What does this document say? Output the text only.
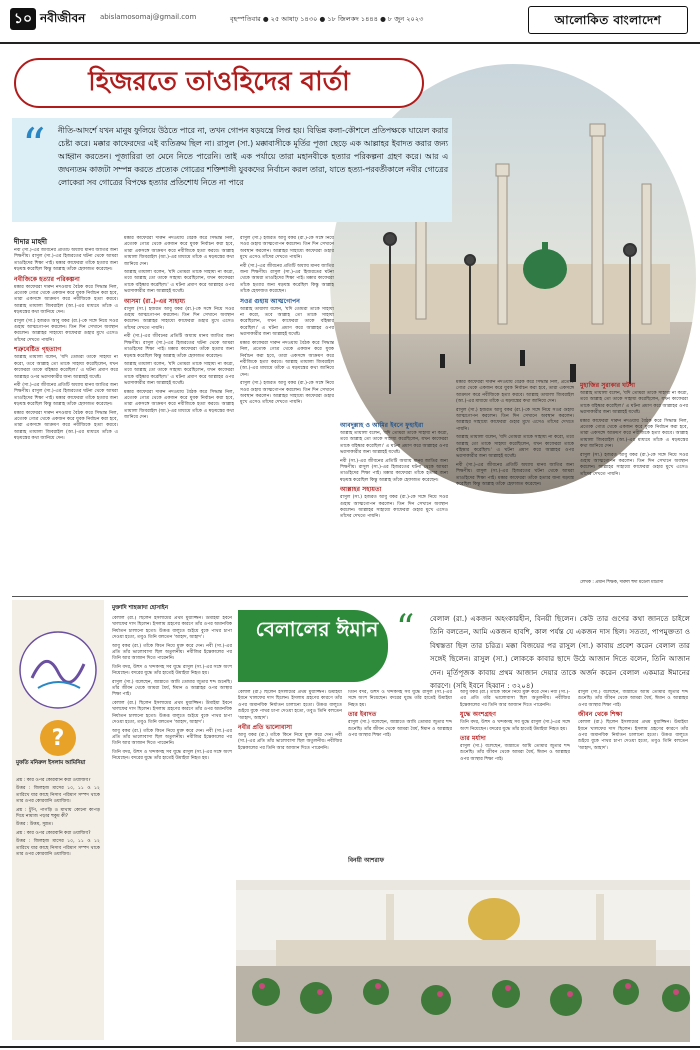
১০ নবীজীবন abislamosomaj@gmail.com	বৃহস্পতিবার ● ২৫ আষাঢ় ১৪৩০ ● ১৮ জিলকদ ১৪৪৪ ● ৮ জুন ২০২৩	আলোকিত বাংলাদেশ
হিজরতে তাওহিদের বার্তা
“ নীতি-আদর্শে যখন মানুষ ফুলিয়ে উঠতে পারে না, তখন গোপন ষড়যন্ত্রে লিপ্ত হয়। বিভিন্ন কলা-কৌশলে প্রতিপক্ষকে ঘায়েল করার চেষ্টা করে। মক্কার কাফেরদের এই ব্যতিক্রম ছিল না। রাসুল (সা.) মক্কাবাসীকে মূর্তির পূজা ছেড়ে এক আল্লাহর ইবাদত করার জন্য আহ্বান করতেন। পূজারিরা তা মেনে নিতে পারেনি। তাই এক পর্যায়ে তারা মহানবীকে হত্যার পরিকল্পনা গ্রহণ করে। আর এ জঘন্যতম কাজটা সম্পন্ন করতে প্রত্যেক গোত্রের শক্তিশালী যুবকদের নির্বাচন করল তারা, যাতে হত্যা-পরবর্তীকালে নবীর গোত্রের লোকেরা সব গোত্রের বিপক্ষে হত্যার প্রতিশোধ নিতে না পারে
দীদার মাহদী

নবী (সা.)-এর জীবনের প্রতিটি অধ্যায় মানব জাতির জন্য শিক্ষণীয়। রাসুল (সা.)-এর হিজরতের ঘটনা থেকে আমরা তাওহিদের শিক্ষা পাই। মক্কার কাফেররা তাঁকে হত্যার জন্য ষড়যন্ত্র করেছিল কিন্তু আল্লাহ তাঁকে হেফাজত করেছেন।

নবীজিকে হত্যার পরিকল্পনা

মক্কার কাফেররা দারুন নদওয়ায় বৈঠক করে সিদ্ধান্ত নিল, প্রত্যেক গোত্র থেকে একজন করে যুবক নির্বাচন করা হবে, তারা একসঙ্গে আক্রমণ করে নবীজিকে হত্যা করবে। আল্লাহ তায়ালা জিবরাইল (আ.)-এর মাধ্যমে তাঁকে এ ষড়যন্ত্রের কথা জানিয়ে দেন।

রাসুল (সা.) হজরত আবু বকর (রা.)-কে সঙ্গে নিয়ে সওর গুহায় আত্মগোপন করলেন। তিন দিন সেখানে অবস্থান করলেন। আল্লাহর সাহায্যে কাফেররা গুহার মুখে এসেও তাঁদের দেখতে পায়নি।

শত্রুবেষ্টিত গৃহত্যাগ

আল্লাহ তায়ালা বলেন, 'যদি তোমরা তাকে সাহায্য না করো, তবে আল্লাহ তো তাকে সাহায্য করেছিলেন, যখন কাফেররা তাকে বহিষ্কার করেছিল।' এ ঘটনা প্রমাণ করে আল্লাহর ওপর ভরসাকারীর জন্য আল্লাহই যথেষ্ট।

নবী (সা.)-এর জীবনের প্রতিটি অধ্যায় মানব জাতির জন্য শিক্ষণীয়। রাসুল (সা.)-এর হিজরতের ঘটনা থেকে আমরা তাওহিদের শিক্ষা পাই। মক্কার কাফেররা তাঁকে হত্যার জন্য ষড়যন্ত্র করেছিল কিন্তু আল্লাহ তাঁকে হেফাজত করেছেন।

মক্কার কাফেররা দারুন নদওয়ায় বৈঠক করে সিদ্ধান্ত নিল, প্রত্যেক গোত্র থেকে একজন করে যুবক নির্বাচন করা হবে, তারা একসঙ্গে আক্রমণ করে নবীজিকে হত্যা করবে। আল্লাহ তায়ালা জিবরাইল (আ.)-এর মাধ্যমে তাঁকে এ ষড়যন্ত্রের কথা জানিয়ে দেন।

মক্কার কাফেররা দারুন নদওয়ায় বৈঠক করে সিদ্ধান্ত নিল, প্রত্যেক গোত্র থেকে একজন করে যুবক নির্বাচন করা হবে, তারা একসঙ্গে আক্রমণ করে নবীজিকে হত্যা করবে। আল্লাহ তায়ালা জিবরাইল (আ.)-এর মাধ্যমে তাঁকে এ ষড়যন্ত্রের কথা জানিয়ে দেন।

আল্লাহ তায়ালা বলেন, 'যদি তোমরা তাকে সাহায্য না করো, তবে আল্লাহ তো তাকে সাহায্য করেছিলেন, যখন কাফেররা তাকে বহিষ্কার করেছিল।' এ ঘটনা প্রমাণ করে আল্লাহর ওপর ভরসাকারীর জন্য আল্লাহই যথেষ্ট।

আসমা (রা.)-এর সাহায্য

রাসুল (সা.) হজরত আবু বকর (রা.)-কে সঙ্গে নিয়ে সওর গুহায় আত্মগোপন করলেন। তিন দিন সেখানে অবস্থান করলেন। আল্লাহর সাহায্যে কাফেররা গুহার মুখে এসেও তাঁদের দেখতে পায়নি।

নবী (সা.)-এর জীবনের প্রতিটি অধ্যায় মানব জাতির জন্য শিক্ষণীয়। রাসুল (সা.)-এর হিজরতের ঘটনা থেকে আমরা তাওহিদের শিক্ষা পাই। মক্কার কাফেররা তাঁকে হত্যার জন্য ষড়যন্ত্র করেছিল কিন্তু আল্লাহ তাঁকে হেফাজত করেছেন।

আল্লাহ তায়ালা বলেন, 'যদি তোমরা তাকে সাহায্য না করো, তবে আল্লাহ তো তাকে সাহায্য করেছিলেন, যখন কাফেররা তাকে বহিষ্কার করেছিল।' এ ঘটনা প্রমাণ করে আল্লাহর ওপর ভরসাকারীর জন্য আল্লাহই যথেষ্ট।

মক্কার কাফেররা দারুন নদওয়ায় বৈঠক করে সিদ্ধান্ত নিল, প্রত্যেক গোত্র থেকে একজন করে যুবক নির্বাচন করা হবে, তারা একসঙ্গে আক্রমণ করে নবীজিকে হত্যা করবে। আল্লাহ তায়ালা জিবরাইল (আ.)-এর মাধ্যমে তাঁকে এ ষড়যন্ত্রের কথা জানিয়ে দেন।

রাসুল (সা.) হজরত আবু বকর (রা.)-কে সঙ্গে নিয়ে সওর গুহায় আত্মগোপন করলেন। তিন দিন সেখানে অবস্থান করলেন। আল্লাহর সাহায্যে কাফেররা গুহার মুখে এসেও তাঁদের দেখতে পায়নি।

নবী (সা.)-এর জীবনের প্রতিটি অধ্যায় মানব জাতির জন্য শিক্ষণীয়। রাসুল (সা.)-এর হিজরতের ঘটনা থেকে আমরা তাওহিদের শিক্ষা পাই। মক্কার কাফেররা তাঁকে হত্যার জন্য ষড়যন্ত্র করেছিল কিন্তু আল্লাহ তাঁকে হেফাজত করেছেন।

সওর গুহায় আত্মগোপন

আল্লাহ তায়ালা বলেন, 'যদি তোমরা তাকে সাহায্য না করো, তবে আল্লাহ তো তাকে সাহায্য করেছিলেন, যখন কাফেররা তাকে বহিষ্কার করেছিল।' এ ঘটনা প্রমাণ করে আল্লাহর ওপর ভরসাকারীর জন্য আল্লাহই যথেষ্ট।

মক্কার কাফেররা দারুন নদওয়ায় বৈঠক করে সিদ্ধান্ত নিল, প্রত্যেক গোত্র থেকে একজন করে যুবক নির্বাচন করা হবে, তারা একসঙ্গে আক্রমণ করে নবীজিকে হত্যা করবে। আল্লাহ তায়ালা জিবরাইল (আ.)-এর মাধ্যমে তাঁকে এ ষড়যন্ত্রের কথা জানিয়ে দেন।

রাসুল (সা.) হজরত আবু বকর (রা.)-কে সঙ্গে নিয়ে সওর গুহায় আত্মগোপন করলেন। তিন দিন সেখানে অবস্থান করলেন। আল্লাহর সাহায্যে কাফেররা গুহার মুখে এসেও তাঁদের দেখতে পায়নি।

আবদুল্লাহ ও আমির ইবনে ফুহাইরা

আল্লাহ তায়ালা বলেন, 'যদি তোমরা তাকে সাহায্য না করো, তবে আল্লাহ তো তাকে সাহায্য করেছিলেন, যখন কাফেররা তাকে বহিষ্কার করেছিল।' এ ঘটনা প্রমাণ করে আল্লাহর ওপর ভরসাকারীর জন্য আল্লাহই যথেষ্ট।

নবী (সা.)-এর জীবনের প্রতিটি অধ্যায় মানব জাতির জন্য শিক্ষণীয়। রাসুল (সা.)-এর হিজরতের ঘটনা থেকে আমরা তাওহিদের শিক্ষা পাই। মক্কার কাফেররা তাঁকে হত্যার জন্য ষড়যন্ত্র করেছিল কিন্তু আল্লাহ তাঁকে হেফাজত করেছেন।

আল্লাহর সহায়তা

রাসুল (সা.) হজরত আবু বকর (রা.)-কে সঙ্গে নিয়ে সওর গুহায় আত্মগোপন করলেন। তিন দিন সেখানে অবস্থান করলেন। আল্লাহর সাহায্যে কাফেররা গুহার মুখে এসেও তাঁদের দেখতে পায়নি।

মক্কার কাফেররা দারুন নদওয়ায় বৈঠক করে সিদ্ধান্ত নিল, প্রত্যেক গোত্র থেকে একজন করে যুবক নির্বাচন করা হবে, তারা একসঙ্গে আক্রমণ করে নবীজিকে হত্যা করবে। আল্লাহ তায়ালা জিবরাইল (আ.)-এর মাধ্যমে তাঁকে এ ষড়যন্ত্রের কথা জানিয়ে দেন।

রাসুল (সা.) হজরত আবু বকর (রা.)-কে সঙ্গে নিয়ে সওর গুহায় আত্মগোপন করলেন। তিন দিন সেখানে অবস্থান করলেন। আল্লাহর সাহায্যে কাফেররা গুহার মুখে এসেও তাঁদের দেখতে পায়নি।

আল্লাহ তায়ালা বলেন, 'যদি তোমরা তাকে সাহায্য না করো, তবে আল্লাহ তো তাকে সাহায্য করেছিলেন, যখন কাফেররা তাকে বহিষ্কার করেছিল।' এ ঘটনা প্রমাণ করে আল্লাহর ওপর ভরসাকারীর জন্য আল্লাহই যথেষ্ট।

নবী (সা.)-এর জীবনের প্রতিটি অধ্যায় মানব জাতির জন্য শিক্ষণীয়। রাসুল (সা.)-এর হিজরতের ঘটনা থেকে আমরা তাওহিদের শিক্ষা পাই। মক্কার কাফেররা তাঁকে হত্যার জন্য ষড়যন্ত্র করেছিল কিন্তু আল্লাহ তাঁকে হেফাজত করেছেন।

মুহাজির সুরাকার ঘটনা

আল্লাহ তায়ালা বলেন, 'যদি তোমরা তাকে সাহায্য না করো, তবে আল্লাহ তো তাকে সাহায্য করেছিলেন, যখন কাফেররা তাকে বহিষ্কার করেছিল।' এ ঘটনা প্রমাণ করে আল্লাহর ওপর ভরসাকারীর জন্য আল্লাহই যথেষ্ট।

মক্কার কাফেররা দারুন নদওয়ায় বৈঠক করে সিদ্ধান্ত নিল, প্রত্যেক গোত্র থেকে একজন করে যুবক নির্বাচন করা হবে, তারা একসঙ্গে আক্রমণ করে নবীজিকে হত্যা করবে। আল্লাহ তায়ালা জিবরাইল (আ.)-এর মাধ্যমে তাঁকে এ ষড়যন্ত্রের কথা জানিয়ে দেন।

রাসুল (সা.) হজরত আবু বকর (রা.)-কে সঙ্গে নিয়ে সওর গুহায় আত্মগোপন করলেন। তিন দিন সেখানে অবস্থান করলেন। আল্লাহর সাহায্যে কাফেররা গুহার মুখে এসেও তাঁদের দেখতে পায়নি।

লেখক : প্রধান শিক্ষক, দারুল হুদা মডেল মাদ্রাসা
?
মুফতি মনিরুল ইসলাম আমিনিয়া

প্রশ্ন : কার ওপর কোরবানি করা ওয়াজিব?

উত্তর : জিলহজ মাসের ১০, ১১ ও ১২ তারিখে যার কাছে নিসাব পরিমাণ সম্পদ থাকে তার ওপর কোরবানি ওয়াজিব।

প্রশ্ন : টুপি, পাগড়ি ও মাথায় কোনো কাপড় দিয়ে নামাজ পড়ার হুকুম কী?

উত্তর : উত্তম, সুন্নত।

প্রশ্ন : কার ওপর কোরবানি করা ওয়াজিব?

উত্তর : জিলহজ মাসের ১০, ১১ ও ১২ তারিখে যার কাছে নিসাব পরিমাণ সম্পদ থাকে তার ওপর কোরবানি ওয়াজিব।

মুক্তাদি শাহজাদা হোসাইন

বেলাল (রা.) ছিলেন ইসলামের প্রথম মুয়াজ্জিন। উমাইয়া ইবনে খালফের দাস ছিলেন। ইসলাম গ্রহণের কারণে তাঁর ওপর অমানবিক নির্যাতন চালানো হতো। উত্তপ্ত বালুতে শুইয়ে বুকে পাথর চাপা দেওয়া হতো, তবুও তিনি বলতেন 'আহাদ, আহাদ'।

আবু বকর (রা.) তাঁকে কিনে নিয়ে মুক্ত করে দেন। নবী (সা.)-এর প্রতি তাঁর ভালোবাসা ছিল অতুলনীয়। নবীজির ইন্তেকালের পর তিনি আর আজান দিতে পারেননি।

তিনি বদর, উহুদ ও খন্দকসহ সব যুদ্ধে রাসুল (সা.)-এর সঙ্গে অংশ নিয়েছেন। বদরের যুদ্ধে তাঁর হাতেই উমাইয়া নিহত হয়।

রাসুল (সা.) বলেছেন, জান্নাতে আমি তোমার জুতার শব্দ শুনেছি। তাঁর জীবন থেকে আমরা ধৈর্য, ঈমান ও আল্লাহর ওপর আস্থার শিক্ষা পাই।

বেলাল (রা.) ছিলেন ইসলামের প্রথম মুয়াজ্জিন। উমাইয়া ইবনে খালফের দাস ছিলেন। ইসলাম গ্রহণের কারণে তাঁর ওপর অমানবিক নির্যাতন চালানো হতো। উত্তপ্ত বালুতে শুইয়ে বুকে পাথর চাপা দেওয়া হতো, তবুও তিনি বলতেন 'আহাদ, আহাদ'।

আবু বকর (রা.) তাঁকে কিনে নিয়ে মুক্ত করে দেন। নবী (সা.)-এর প্রতি তাঁর ভালোবাসা ছিল অতুলনীয়। নবীজির ইন্তেকালের পর তিনি আর আজান দিতে পারেননি।

তিনি বদর, উহুদ ও খন্দকসহ সব যুদ্ধে রাসুল (সা.)-এর সঙ্গে অংশ নিয়েছেন। বদরের যুদ্ধে তাঁর হাতেই উমাইয়া নিহত হয়।

বেলালের ঈমান “ বেলাল (রা.) একজন অহংকারহীন, বিনয়ী ছিলেন। কেউ তার গুণের কথা জানতে চাইলে তিনি বলতেন, আমি একজন হাবশি, কাল পর্যন্ত যে একজন দাস ছিল। সততা, পাপমুক্ততা ও বিশ্বস্ততা ছিল তার চরিত্র। মক্কা বিজয়ের পর রাসুল (সা.) কাবায় প্রবেশ করেন বেলাল তার সঙ্গেই ছিলেন। রাসুল (সা.) লোককে কাবার ছাদে উঠে আজান দিতে বলেন, তিনি আজান দেন। মূর্তিপূজক কাবায় প্রথম আজান দেয়ার তাকে অর্জন করেন বেলাল একমাত্র ঈমানের কারণে। (সহি ইবনে হিব্বান : ৩২০৪)

বেলাল (রা.) ছিলেন ইসলামের প্রথম মুয়াজ্জিন। উমাইয়া ইবনে খালফের দাস ছিলেন। ইসলাম গ্রহণের কারণে তাঁর ওপর অমানবিক নির্যাতন চালানো হতো। উত্তপ্ত বালুতে শুইয়ে বুকে পাথর চাপা দেওয়া হতো, তবুও তিনি বলতেন 'আহাদ, আহাদ'।

নবীর প্রতি ভালোবাসা

আবু বকর (রা.) তাঁকে কিনে নিয়ে মুক্ত করে দেন। নবী (সা.)-এর প্রতি তাঁর ভালোবাসা ছিল অতুলনীয়। নবীজির ইন্তেকালের পর তিনি আর আজান দিতে পারেননি।

তিনি বদর, উহুদ ও খন্দকসহ সব যুদ্ধে রাসুল (সা.)-এর সঙ্গে অংশ নিয়েছেন। বদরের যুদ্ধে তাঁর হাতেই উমাইয়া নিহত হয়।

তার ইবাদত

রাসুল (সা.) বলেছেন, জান্নাতে আমি তোমার জুতার শব্দ শুনেছি। তাঁর জীবন থেকে আমরা ধৈর্য, ঈমান ও আল্লাহর ওপর আস্থার শিক্ষা পাই।

বিনয়ী আশরাফ

আবু বকর (রা.) তাঁকে কিনে নিয়ে মুক্ত করে দেন। নবী (সা.)-এর প্রতি তাঁর ভালোবাসা ছিল অতুলনীয়। নবীজির ইন্তেকালের পর তিনি আর আজান দিতে পারেননি।

যুদ্ধে অংশগ্রহণ

তিনি বদর, উহুদ ও খন্দকসহ সব যুদ্ধে রাসুল (সা.)-এর সঙ্গে অংশ নিয়েছেন। বদরের যুদ্ধে তাঁর হাতেই উমাইয়া নিহত হয়।

তার মর্যাদা

রাসুল (সা.) বলেছেন, জান্নাতে আমি তোমার জুতার শব্দ শুনেছি। তাঁর জীবন থেকে আমরা ধৈর্য, ঈমান ও আল্লাহর ওপর আস্থার শিক্ষা পাই।

রাসুল (সা.) বলেছেন, জান্নাতে আমি তোমার জুতার শব্দ শুনেছি। তাঁর জীবন থেকে আমরা ধৈর্য, ঈমান ও আল্লাহর ওপর আস্থার শিক্ষা পাই।

জীবন থেকে শিক্ষা

বেলাল (রা.) ছিলেন ইসলামের প্রথম মুয়াজ্জিন। উমাইয়া ইবনে খালফের দাস ছিলেন। ইসলাম গ্রহণের কারণে তাঁর ওপর অমানবিক নির্যাতন চালানো হতো। উত্তপ্ত বালুতে শুইয়ে বুকে পাথর চাপা দেওয়া হতো, তবুও তিনি বলতেন 'আহাদ, আহাদ'।
